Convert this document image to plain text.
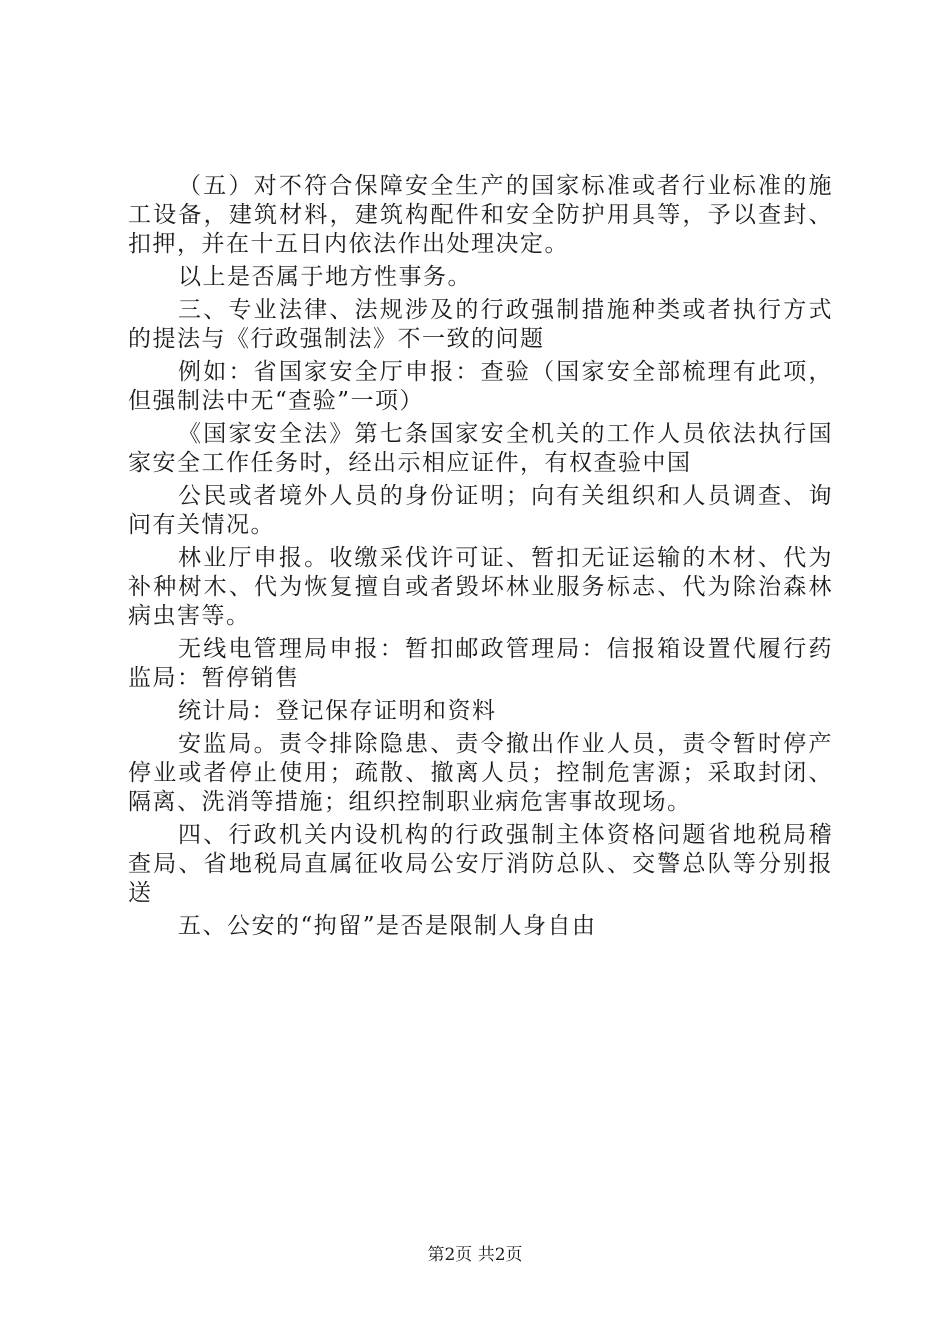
（五）对不符合保障安全生产的国家标准或者行业标准的施工设备，建筑材料，建筑构配件和安全防护用具等，予以查封、扣押，并在十五日内依法作出处理决定。

以上是否属于地方性事务。

三、专业法律、法规涉及的行政强制措施种类或者执行方式的提法与《行政强制法》不一致的问题

例如：省国家安全厅申报：查验（国家安全部梳理有此项，但强制法中无“查验”一项）

《国家安全法》第七条国家安全机关的工作人员依法执行国家安全工作任务时，经出示相应证件，有权查验中国

公民或者境外人员的身份证明；向有关组织和人员调查、询问有关情况。

林业厅申报。收缴采伐许可证、暂扣无证运输的木材、代为补种树木、代为恢复擅自或者毁坏林业服务标志、代为除治森林病虫害等。

无线电管理局申报：暂扣邮政管理局：信报箱设置代履行药监局：暂停销售

统计局：登记保存证明和资料

安监局。责令排除隐患、责令撤出作业人员，责令暂时停产停业或者停止使用；疏散、撤离人员；控制危害源；采取封闭、隔离、洗消等措施；组织控制职业病危害事故现场。

四、行政机关内设机构的行政强制主体资格问题省地税局稽查局、省地税局直属征收局公安厅消防总队、交警总队等分别报送

五、公安的“拘留”是否是限制人身自由

第2页 共2页
